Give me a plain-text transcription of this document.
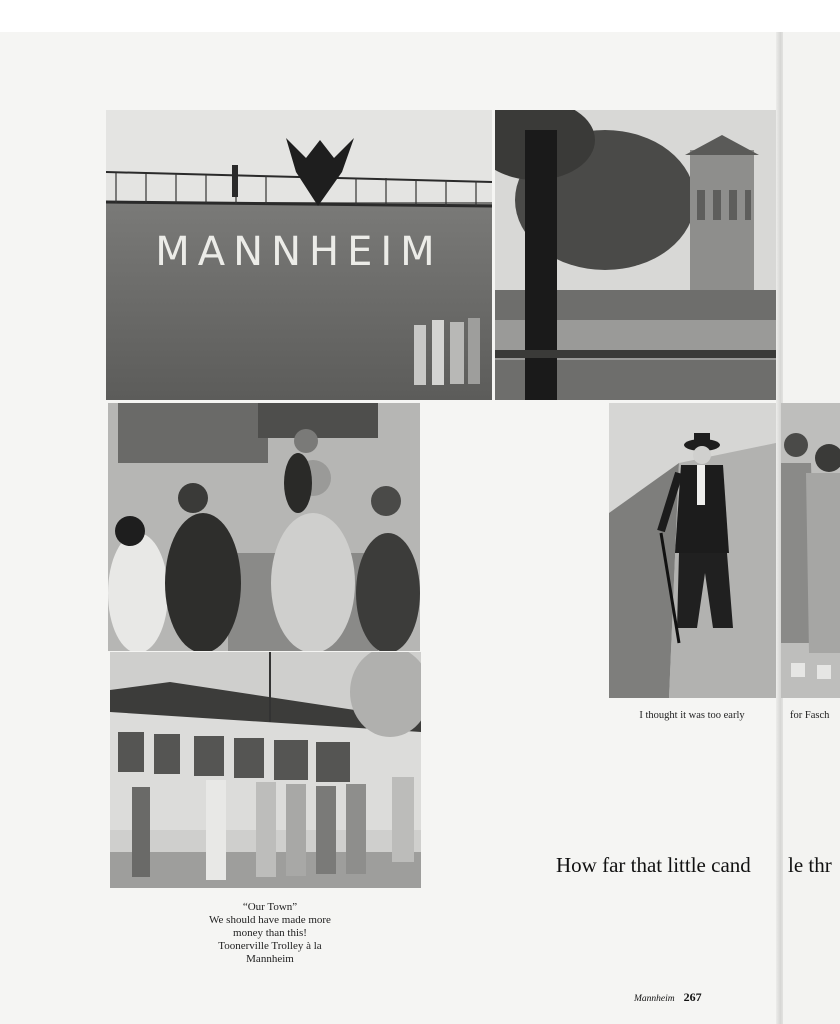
MANNHEIM
“Our Town”
We should have made more
money than this!
Toonerville Trolley à la
Mannheim
I thought it was too early	for Fasch
How far that little cand le thr
Mannheim 267
